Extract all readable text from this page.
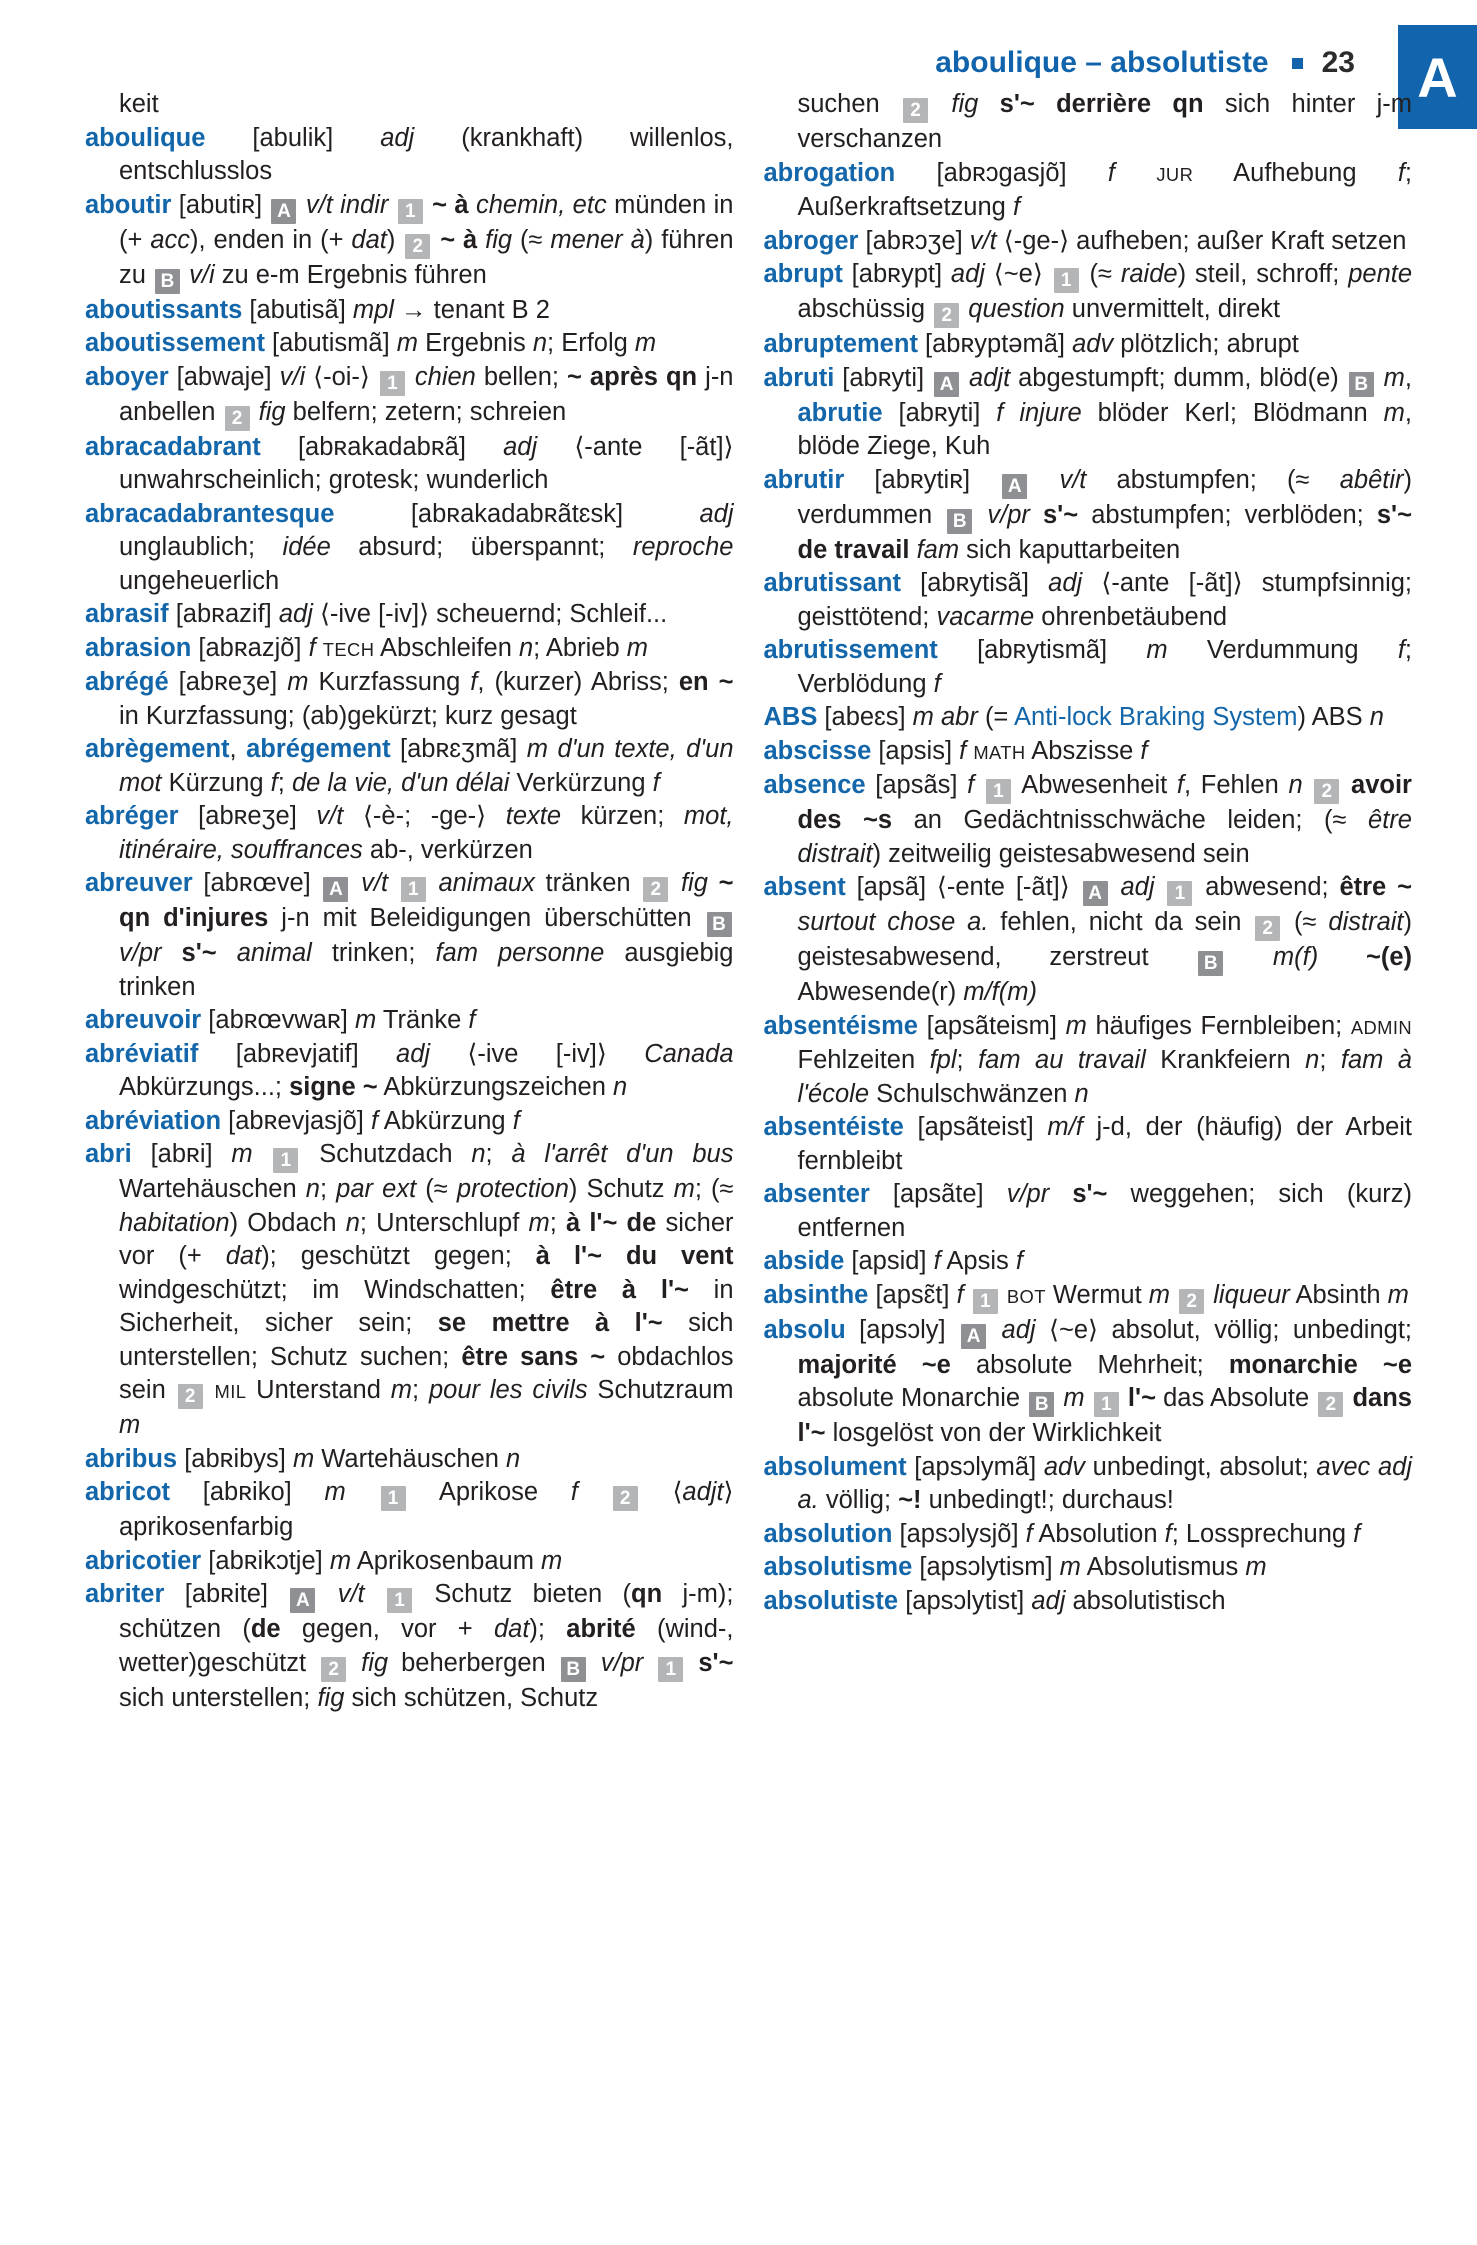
aboulique – absolutiste 23 A

keit

aboulique [abulik] adj (krankhaft) willenlos, entschlusslos

aboutir [abutiʀ] A v/t indir 1 ~ à chemin, etc münden in (+ acc), enden in (+ dat) 2 ~ à fig (≈ mener à) führen zu B v/i zu e-m Ergebnis führen

aboutissants [abutisã] mpl → tenant B 2

aboutissement [abutismã] m Ergebnis n; Erfolg m

aboyer [abwaje] v/i ⟨-oi-⟩ 1 chien bellen; ~ après qn j-n anbellen 2 fig belfern; zetern; schreien

abracadabrant [abʀakadabʀã] adj ⟨-ante [-ãt]⟩ unwahrscheinlich; grotesk; wunderlich

abracadabrantesque [abʀakadabʀãtɛsk] adj unglaublich; idée absurd; überspannt; reproche ungeheuerlich

abrasif [abʀazif] adj ⟨-ive [-iv]⟩ scheuernd; Schleif...

abrasion [abʀazjõ] f TECH Abschleifen n; Abrieb m

abrégé [abʀeʒe] m Kurzfassung f, (kurzer) Abriss; en ~ in Kurzfassung; (ab)gekürzt; kurz gesagt

abrègement, abrégement [abʀɛʒmã] m d'un texte, d'un mot Kürzung f; de la vie, d'un délai Verkürzung f

abréger [abʀeʒe] v/t ⟨-è-; -ge-⟩ texte kürzen; mot, itinéraire, souffrances ab-, verkürzen

abreuver [abʀœve] A v/t 1 animaux tränken 2 fig ~ qn d'injures j-n mit Beleidigungen überschütten B v/pr s'~ animal trinken; fam personne ausgiebig trinken

abreuvoir [abʀœvwaʀ] m Tränke f

abréviatif [abʀevjatif] adj ⟨-ive [-iv]⟩ Canada Abkürzungs...; signe ~ Abkürzungszeichen n

abréviation [abʀevjasjõ] f Abkürzung f

abri [abʀi] m 1 Schutzdach n; à l'arrêt d'un bus Wartehäuschen n; par ext (≈ protection) Schutz m; (≈ habitation) Obdach n; Unterschlupf m; à l'~ de sicher vor (+ dat); geschützt gegen; à l'~ du vent windgeschützt; im Windschatten; être à l'~ in Sicherheit, sicher sein; se mettre à l'~ sich unterstellen; Schutz suchen; être sans ~ obdachlos sein 2 MIL Unterstand m; pour les civils Schutzraum m

abribus [abʀibys] m Wartehäuschen n

abricot [abʀiko] m 1 Aprikose f 2 ⟨adjt⟩ aprikosenfarbig

abricotier [abʀikɔtje] m Aprikosenbaum m

abriter [abʀite] A v/t 1 Schutz bieten (qn j-m); schützen (de gegen, vor + dat); abrité (wind-, wetter)geschützt 2 fig beherbergen B v/pr 1 s'~ sich unterstellen; fig sich schützen, Schutz

suchen 2 fig s'~ derrière qn sich hinter j-m verschanzen

abrogation [abʀɔgasjõ] f JUR Aufhebung f; Außerkraftsetzung f

abroger [abʀɔʒe] v/t ⟨-ge-⟩ aufheben; außer Kraft setzen

abrupt [abʀypt] adj ⟨~e⟩ 1 (≈ raide) steil, schroff; pente abschüssig 2 question unvermittelt, direkt

abruptement [abʀyptəmã] adv plötzlich; abrupt

abruti [abʀyti] A adjt abgestumpft; dumm, blöd(e) B m, abrutie [abʀyti] f injure blöder Kerl; Blödmann m, blöde Ziege, Kuh

abrutir [abʀytiʀ] A v/t abstumpfen; (≈ abêtir) verdummen B v/pr s'~ abstumpfen; verblöden; s'~ de travail fam sich kaputtarbeiten

abrutissant [abʀytisã] adj ⟨-ante [-ãt]⟩ stumpfsinnig; geisttötend; vacarme ohrenbetäubend

abrutissement [abʀytismã] m Verdummung f; Verblödung f

ABS [abeɛs] m abr (= Anti-lock Braking System) ABS n

abscisse [apsis] f MATH Abszisse f

absence [apsãs] f 1 Abwesenheit f, Fehlen n 2 avoir des ~s an Gedächtnisschwäche leiden; (≈ être distrait) zeitweilig geistesabwesend sein

absent [apsã] ⟨-ente [-ãt]⟩ A adj 1 abwesend; être ~ surtout chose a. fehlen, nicht da sein 2 (≈ distrait) geistesabwesend, zerstreut B m(f) ~(e) Abwesende(r) m/f(m)

absentéisme [apsãteism] m häufiges Fernbleiben; ADMIN Fehlzeiten fpl; fam au travail Krankfeiern n; fam à l'école Schulschwänzen n

absentéiste [apsãteist] m/f j-d, der (häufig) der Arbeit fernbleibt

absenter [apsãte] v/pr s'~ weggehen; sich (kurz) entfernen

abside [apsid] f Apsis f

absinthe [apsɛ̃t] f 1 BOT Wermut m 2 liqueur Absinth m

absolu [apsɔly] A adj ⟨~e⟩ absolut, völlig; unbedingt; majorité ~e absolute Mehrheit; monarchie ~e absolute Monarchie B m 1 l'~ das Absolute 2 dans l'~ losgelöst von der Wirklichkeit

absolument [apsɔlymã] adv unbedingt, absolut; avec adj a. völlig; ~! unbedingt!; durchaus!

absolution [apsɔlysjõ] f Absolution f; Lossprechung f

absolutisme [apsɔlytism] m Absolutismus m

absolutiste [apsɔlytist] adj absolutistisch
